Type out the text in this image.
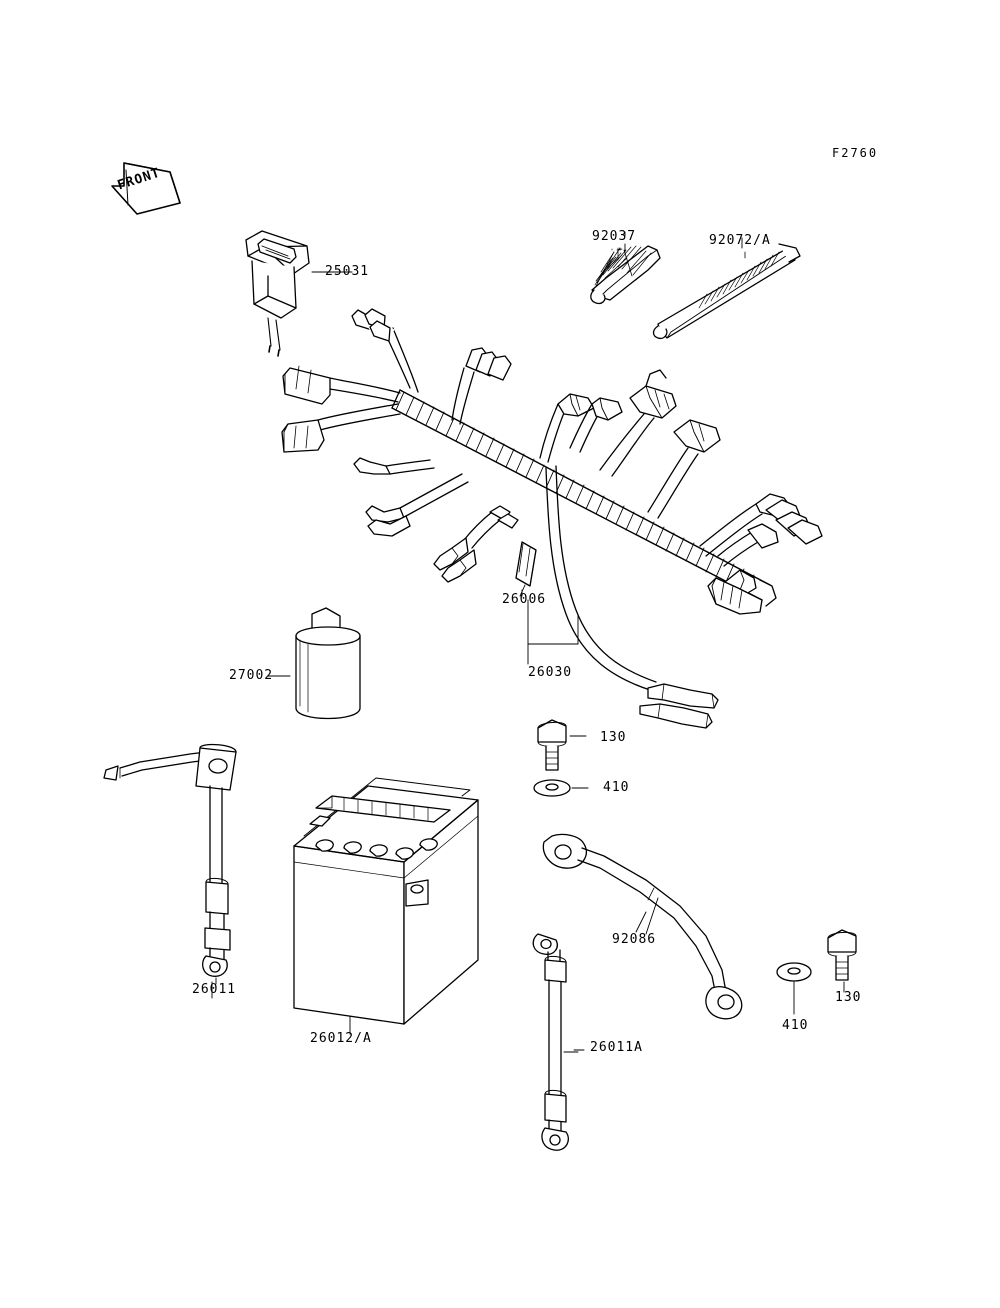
F2760
FRONT
25031
92037	92072/A
26006
26030
27002
26011
26012/A
26011A
92086
130
410
130
410
